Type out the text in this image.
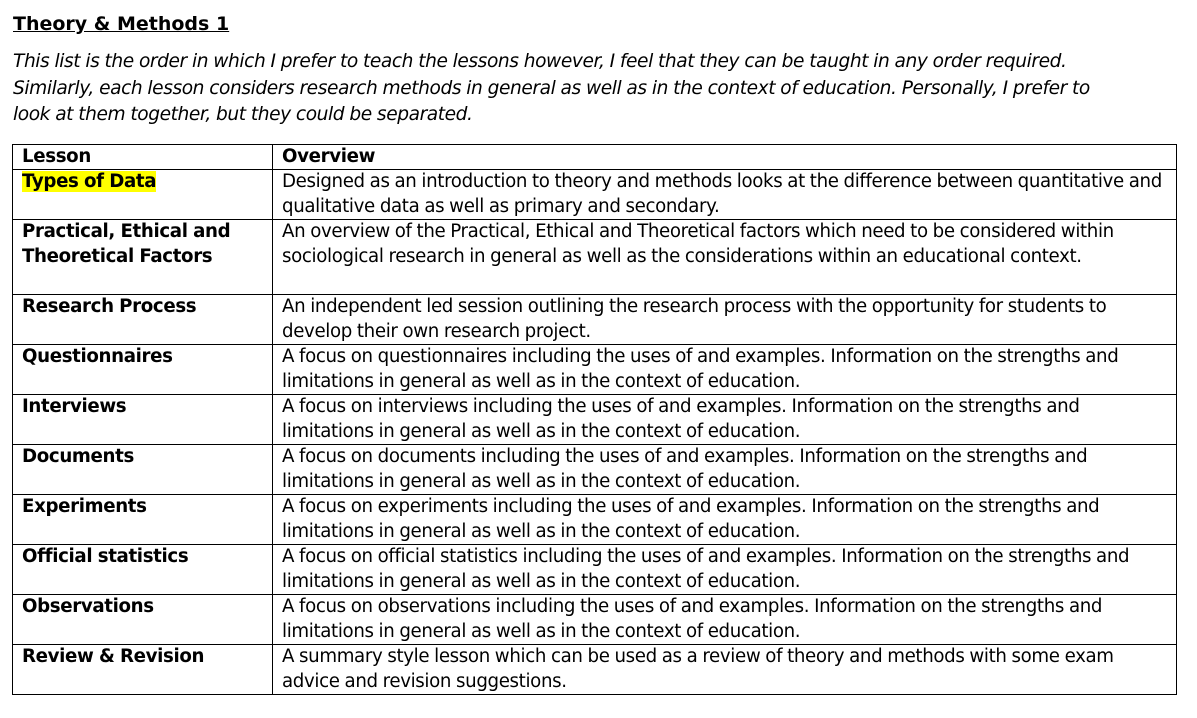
Theory & Methods 1
This list is the order in which I prefer to teach the lessons however, I feel that they can be taught in any order required.
Similarly, each lesson considers research methods in general as well as in the context of education. Personally, I prefer to
look at them together, but they could be separated.
Lesson	Overview
Types of Data	Designed as an introduction to theory and methods looks at the difference between quantitative and qualitative data as well as primary and secondary.
Practical, Ethical and Theoretical Factors	An overview of the Practical, Ethical and Theoretical factors which need to be considered within sociological research in general as well as the considerations within an educational context.
Research Process	An independent led session outlining the research process with the opportunity for students to develop their own research project.
Questionnaires	A focus on questionnaires including the uses of and examples. Information on the strengths and limitations in general as well as in the context of education.
Interviews	A focus on interviews including the uses of and examples. Information on the strengths and limitations in general as well as in the context of education.
Documents	A focus on documents including the uses of and examples. Information on the strengths and limitations in general as well as in the context of education.
Experiments	A focus on experiments including the uses of and examples. Information on the strengths and limitations in general as well as in the context of education.
Official statistics	A focus on official statistics including the uses of and examples. Information on the strengths and limitations in general as well as in the context of education.
Observations	A focus on observations including the uses of and examples. Information on the strengths and limitations in general as well as in the context of education.
Review & Revision	A summary style lesson which can be used as a review of theory and methods with some exam advice and revision suggestions.
